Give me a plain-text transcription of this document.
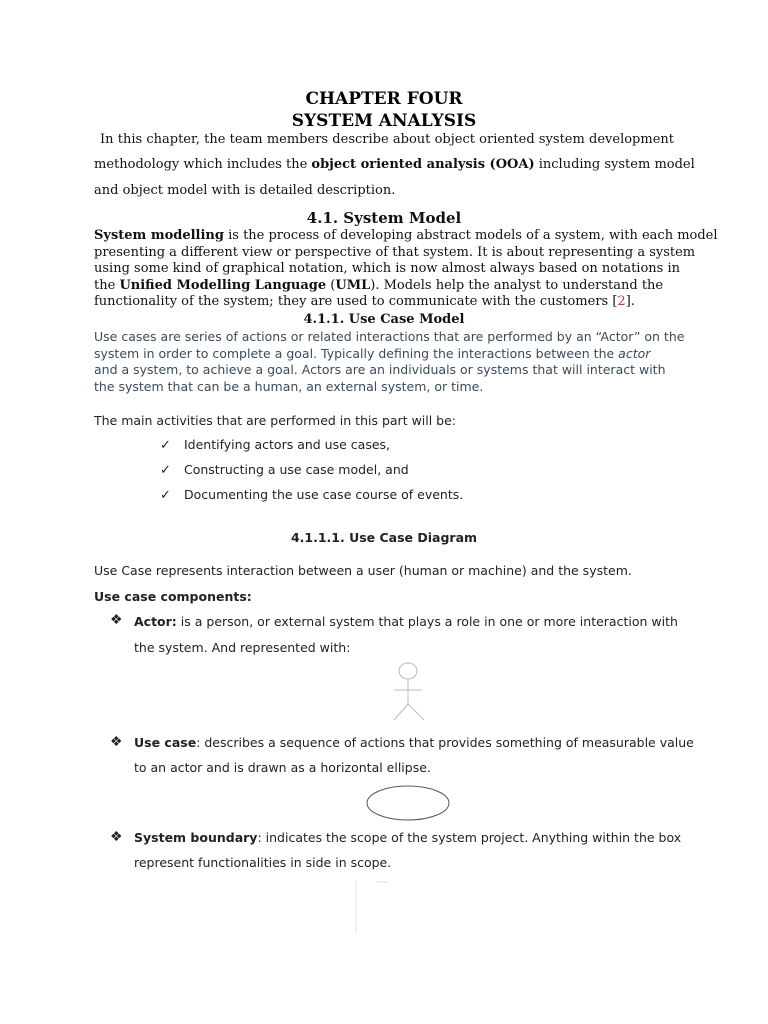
CHAPTER FOUR
SYSTEM ANALYSIS
In this chapter, the team members describe about object oriented system development
methodology which includes the object oriented analysis (OOA) including system model
and object model with is detailed description.
4.1. System Model
System modelling is the process of developing abstract models of a system, with each model
presenting a different view or perspective of that system. It is about representing a system
using some kind of graphical notation, which is now almost always based on notations in
the Unified Modelling Language (UML). Models help the analyst to understand the
functionality of the system; they are used to communicate with the customers [2].
4.1.1. Use Case Model
Use cases are series of actions or related interactions that are performed by an “Actor” on the
system in order to complete a goal. Typically defining the interactions between the actor
and a system, to achieve a goal. Actors are an individuals or systems that will interact with
the system that can be a human, an external system, or time.
The main activities that are performed in this part will be:
✓ Identifying actors and use cases,
✓ Constructing a use case model, and
✓ Documenting the use case course of events.
4.1.1.1. Use Case Diagram
Use Case represents interaction between a user (human or machine) and the system.
Use case components:
❖ Actor: is a person, or external system that plays a role in one or more interaction with
the system. And represented with:
❖ Use case: describes a sequence of actions that provides something of measurable value
to an actor and is drawn as a horizontal ellipse.
❖ System boundary: indicates the scope of the system project. Anything within the box
represent functionalities in side in scope.
